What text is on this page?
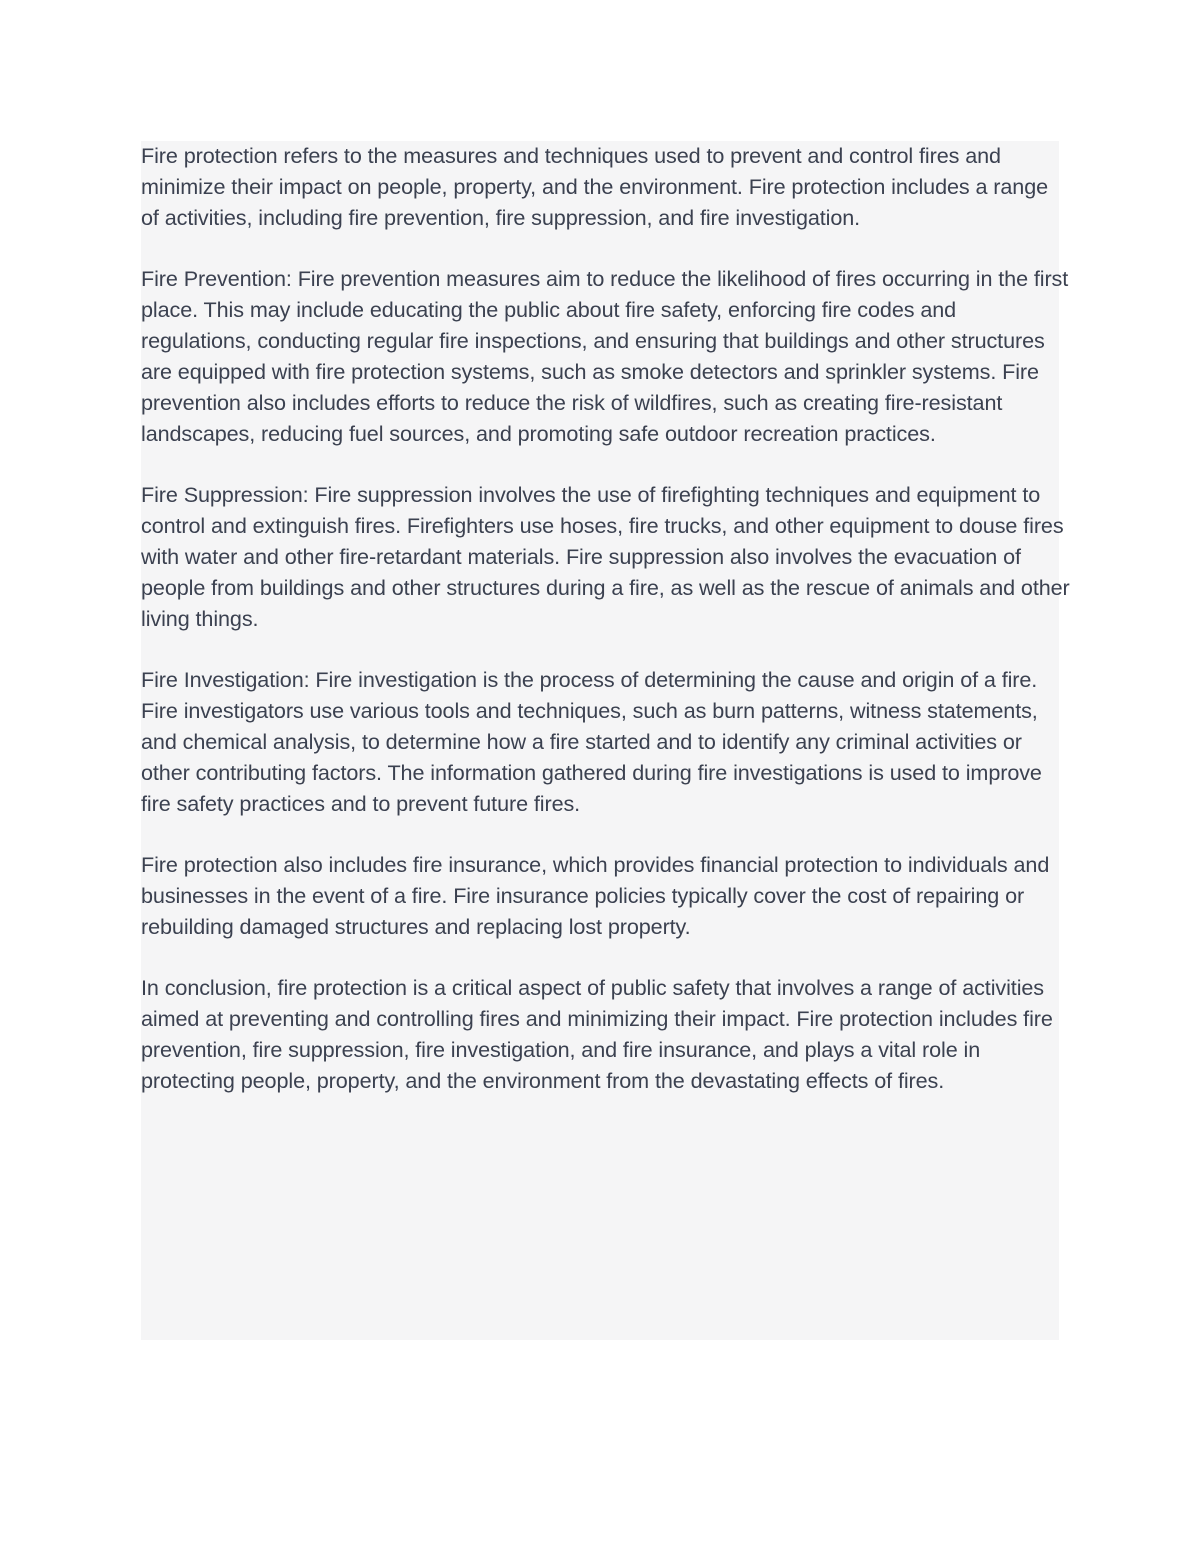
Fire protection refers to the measures and techniques used to prevent and control fires and minimize their impact on people, property, and the environment. Fire protection includes a range of activities, including fire prevention, fire suppression, and fire investigation.

Fire Prevention: Fire prevention measures aim to reduce the likelihood of fires occurring in the first place. This may include educating the public about fire safety, enforcing fire codes and regulations, conducting regular fire inspections, and ensuring that buildings and other structures are equipped with fire protection systems, such as smoke detectors and sprinkler systems. Fire prevention also includes efforts to reduce the risk of wildfires, such as creating fire-resistant landscapes, reducing fuel sources, and promoting safe outdoor recreation practices.

Fire Suppression: Fire suppression involves the use of firefighting techniques and equipment to control and extinguish fires. Firefighters use hoses, fire trucks, and other equipment to douse fires with water and other fire-retardant materials. Fire suppression also involves the evacuation of people from buildings and other structures during a fire, as well as the rescue of animals and other living things.

Fire Investigation: Fire investigation is the process of determining the cause and origin of a fire. Fire investigators use various tools and techniques, such as burn patterns, witness statements, and chemical analysis, to determine how a fire started and to identify any criminal activities or other contributing factors. The information gathered during fire investigations is used to improve fire safety practices and to prevent future fires.

Fire protection also includes fire insurance, which provides financial protection to individuals and businesses in the event of a fire. Fire insurance policies typically cover the cost of repairing or rebuilding damaged structures and replacing lost property.

In conclusion, fire protection is a critical aspect of public safety that involves a range of activities aimed at preventing and controlling fires and minimizing their impact. Fire protection includes fire prevention, fire suppression, fire investigation, and fire insurance, and plays a vital role in protecting people, property, and the environment from the devastating effects of fires.
